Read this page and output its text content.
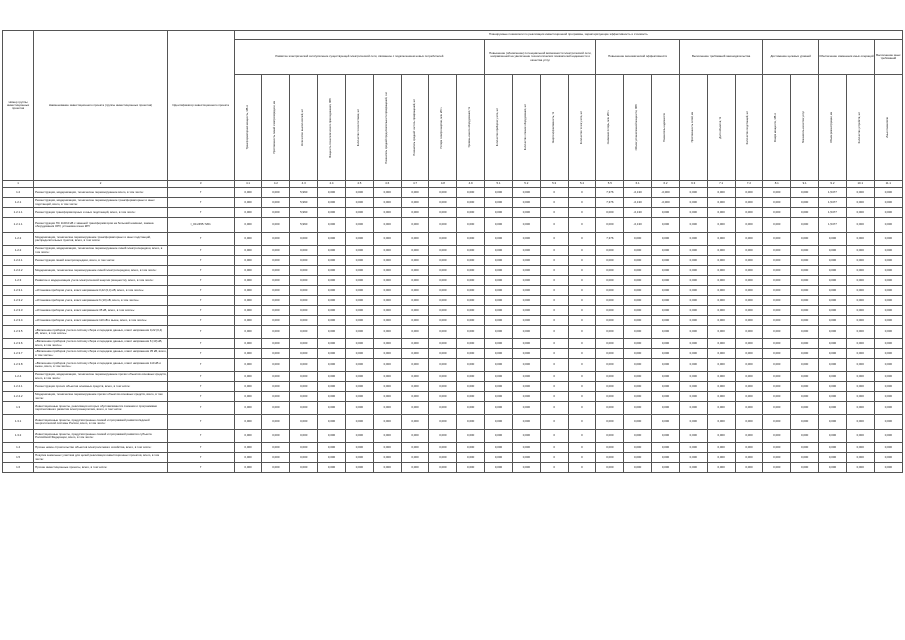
Номер группы инвестиционных проектов	Наименование инвестиционного проекта (группы инвестиционных проектов)	Идентификатор инвестиционного проекта	Планируемые показатели по реализации инвестиционной программы, характеризующие эффективность и стоимость																							
			Развитие электрической сети/усиление существующей электрической сети, связанное с подключением новых потребителей									Повышение (обновление) потенциальной возможности электрической сети, направленной на увеличение технологических показателей надежности и качества услуг				Повышение экономической эффективности			Выполнение требований законодательства			Достижение целевых уровней		Обеспечение изменения иных операций		Выполнение иных требований

			Трансформаторная мощность, МВ·А	Протяженность линий электропередачи, км	Количество выключателей, шт	Мощность технологического присоединения, МВт	Количество точек поставки, шт	Показатель средней продолжительности прекращений, час	Показатель средней частоты прекращений, шт	Потери электроэнергии, млн кВт·ч	Уровень износа оборудования, %	Количество приборов учета, шт	Количество отказов оборудования, шт	Энергоэффективность, %	Количество точек учета, шт	Снижение потерь, млн кВт·ч	Объем установленной мощности, МВт	Показатель надежности	Протяженность сетей, км	Доля объектов, %	Количество подстанций, шт	Резерв мощности, МВ·А	Показатель качества услуг	Объем реконструкции, км	Количество устройств, шт	Иные показатели

1	2	3	4.1	4.2	4.3	4.4	4.5	4.6	4.7	4.8	4.9	5.1	5.2	5.3	5.4	5.5	6.1	6.2	6.3	7.1	7.2	8.1	9.1	9.2	10.1	11.1
1.2	Реконструкция, модернизация, техническое перевооружение всего, в том числе:	Г	0,000	0,000	5,960	0,000	0,000	0,000	0,000	0,000	0,000	0,000	0,000	0	0	7,376	-0,130	-0,000	0,000	0,000	0,000	0,000	0,000	1,5477	0,000	0,000
1.2.1	Реконструкция, модернизация, техническое перевооружение трансформаторных и иных подстанций, всего, в том числе:	Г	0,000	0,000	5,960	0,000	0,000	0,000	0,000	0,000	0,000	0,000	0,000	0	0	7,376	-0,130	-0,000	0,000	0,000	0,000	0,000	0,000	1,5477	0,000	0,000
1.2.1.1	Реконструкция трансформаторных и иных подстанций, всего, в том числе:	Г	0,000	0,000	5,960	0,000	0,000	0,000	0,000	0,000	0,000	0,000	0,000	0	0	0,000	-0,130	0,000	0,000	0,000	0,000	0,000	0,000	1,5477	0,000	0,000
1.2.1.1	Реконструкция ПС 110/10 кВ с заменой трансформаторов на больший номинал, замена оборудования ОРУ, установка ячеек КРУ	I_00.2455.7201	0,000	0,000	5,960	0,000	0,000	0,000	0,000	0,000	0,000	0,000	0,000	0	0	0,000	-0,130	0,000	0,000	0,000	0,000	0,000	0,000	1,5477	0,000	0,000
1.2.2	Модернизация, техническое перевооружение трансформаторных и иных подстанций, распределительных пунктов, всего, в том числе:	Г	0,000	0,000	0,000	0,000	0,000	0,000	0,000	0,000	0,000	0,000	0,000	0	0	7,376	0,000	0,000	0,000	0,000	0,000	0,000	0,000	0,000	0,000	0,000
1.2.2	Реконструкция, модернизация, техническое перевооружение линий электропередачи, всего, в том числе:	Г	0,000	0,000	0,000	0,000	0,000	0,000	0,000	0,000	0,000	0,000	0,000	0	0	0,000	0,000	0,000	0,000	0,000	0,000	0,000	0,000	0,000	0,000	0,000
1.2.2.1	Реконструкция линий электропередачи, всего, в том числе:	Г	0,000	0,000	0,000	0,000	0,000	0,000	0,000	0,000	0,000	0,000	0,000	0	0	0,000	0,000	0,000	0,000	0,000	0,000	0,000	0,000	0,000	0,000	0,000
1.2.2.2	Модернизация, техническое перевооружение линий электропередачи, всего, в том числе:	Г	0,000	0,000	0,000	0,000	0,000	0,000	0,000	0,000	0,000	0,000	0,000	0	0	0,000	0,000	0,000	0,000	0,000	0,000	0,000	0,000	0,000	0,000	0,000
1.2.3	Развитие и модернизация учета электрической энергии (мощности), всего, в том числе:	Г	0,000	0,000	0,000	0,000	0,000	0,000	0,000	0,000	0,000	0,000	0,000	0	0	0,000	0,000	0,000	0,000	0,000	0,000	0,000	0,000	0,000	0,000	0,000
1.2.3.1	«Установка приборов учета, класс напряжения 0,22 (0,4) кВ, всего, в том числе»:	Г	0,000	0,000	0,000	0,000	0,000	0,000	0,000	0,000	0,000	0,000	0,000	0	0	0,000	0,000	0,000	0,000	0,000	0,000	0,000	0,000	0,000	0,000	0,000
1.2.3.2	«Установка приборов учета, класс напряжения 6 (10) кВ, всего, в том числе»:	Г	0,000	0,000	0,000	0,000	0,000	0,000	0,000	0,000	0,000	0,000	0,000	0	0	0,000	0,000	0,000	0,000	0,000	0,000	0,000	0,000	0,000	0,000	0,000
1.2.3.3	«Установка приборов учета, класс напряжения 35 кВ, всего, в том числе»:	Г	0,000	0,000	0,000	0,000	0,000	0,000	0,000	0,000	0,000	0,000	0,000	0	0	0,000	0,000	0,000	0,000	0,000	0,000	0,000	0,000	0,000	0,000	0,000
1.2.3.4	«Установка приборов учета, класс напряжения 110 кВ и выше, всего, в том числе»:	Г	0,000	0,000	0,000	0,000	0,000	0,000	0,000	0,000	0,000	0,000	0,000	0	0	0,000	0,000	0,000	0,000	0,000	0,000	0,000	0,000	0,000	0,000	0,000
1.2.3.5	«Включение приборов учета в систему сбора и передачи данных, класс напряжения 0,22 (0,4) кВ, всего, в том числе»:	Г	0,000	0,000	0,000	0,000	0,000	0,000	0,000	0,000	0,000	0,000	0,000	0	0	0,000	0,000	0,000	0,000	0,000	0,000	0,000	0,000	0,000	0,000	0,000
1.2.3.6	«Включение приборов учета в систему сбора и передачи данных, класс напряжения 6 (10) кВ, всего, в том числе»:	Г	0,000	0,000	0,000	0,000	0,000	0,000	0,000	0,000	0,000	0,000	0,000	0	0	0,000	0,000	0,000	0,000	0,000	0,000	0,000	0,000	0,000	0,000	0,000
1.2.3.7	«Включение приборов учета в систему сбора и передачи данных, класс напряжения 35 кВ, всего, в том числе»:	Г	0,000	0,000	0,000	0,000	0,000	0,000	0,000	0,000	0,000	0,000	0,000	0	0	0,000	0,000	0,000	0,000	0,000	0,000	0,000	0,000	0,000	0,000	0,000
1.2.3.8	«Включение приборов учета в систему сбора и передачи данных, класс напряжения 110 кВ и выше, всего, в том числе»:	Г	0,000	0,000	0,000	0,000	0,000	0,000	0,000	0,000	0,000	0,000	0,000	0	0	0,000	0,000	0,000	0,000	0,000	0,000	0,000	0,000	0,000	0,000	0,000
1.2.4	Реконструкция, модернизация, техническое перевооружение прочих объектов основных средств, всего, в том числе:	Г	0,000	0,000	0,000	0,000	0,000	0,000	0,000	0,000	0,000	0,000	0,000	0	0	0,000	0,000	0,000	0,000	0,000	0,000	0,000	0,000	0,000	0,000	0,000
1.2.4.1	Реконструкция прочих объектов основных средств, всего, в том числе:	Г	0,000	0,000	0,000	0,000	0,000	0,000	0,000	0,000	0,000	0,000	0,000	0	0	0,000	0,000	0,000	0,000	0,000	0,000	0,000	0,000	0,000	0,000	0,000
1.2.4.2	Модернизация, техническое перевооружение прочих объектов основных средств, всего, в том числе:	Г	0,000	0,000	0,000	0,000	0,000	0,000	0,000	0,000	0,000	0,000	0,000	0	0	0,000	0,000	0,000	0,000	0,000	0,000	0,000	0,000	0,000	0,000	0,000
1.3	Инвестиционные проекты, реализация которых обуславливается схемами и программами перспективного развития электроэнергетики, всего, в том числе:	Г	0,000	0,000	0,000	0,000	0,000	0,000	0,000	0,000	0,000	0,000	0,000	0	0	0,000	0,000	0,000	0,000	0,000	0,000	0,000	0,000	0,000	0,000	0,000
1.3.1	Инвестиционные проекты, предусмотренные схемой и программой развития Единой энергетической системы России, всего, в том числе:	Г	0,000	0,000	0,000	0,000	0,000	0,000	0,000	0,000	0,000	0,000	0,000	0	0	0,000	0,000	0,000	0,000	0,000	0,000	0,000	0,000	0,000	0,000	0,000
1.3.2	Инвестиционные проекты, предусмотренные схемой и программой развития субъекта Российской Федерации, всего, в том числе:	Г	0,000	0,000	0,000	0,000	0,000	0,000	0,000	0,000	0,000	0,000	0,000	0	0	0,000	0,000	0,000	0,000	0,000	0,000	0,000	0,000	0,000	0,000	0,000
1.4	Прочее новое строительство объектов электросетевого хозяйства, всего, в том числе:	Г	0,000	0,000	0,000	0,000	0,000	0,000	0,000	0,000	0,000	0,000	0,000	0	0	0,000	0,000	0,000	0,000	0,000	0,000	0,000	0,000	0,000	0,000	0,000
1.5	Покупка земельных участков для целей реализации инвестиционных проектов, всего, в том числе:	Г	0,000	0,000	0,000	0,000	0,000	0,000	0,000	0,000	0,000	0,000	0,000	0	0	0,000	0,000	0,000	0,000	0,000	0,000	0,000	0,000	0,000	0,000	0,000
1.6	Прочие инвестиционные проекты, всего, в том числе:	Г	0,000	0,000	0,000	0,000	0,000	0,000	0,000	0,000	0,000	0,000	0,000	0	0	0,000	0,000	0,000	0,000	0,000	0,000	0,000	0,000	0,000	0,000	0,000
